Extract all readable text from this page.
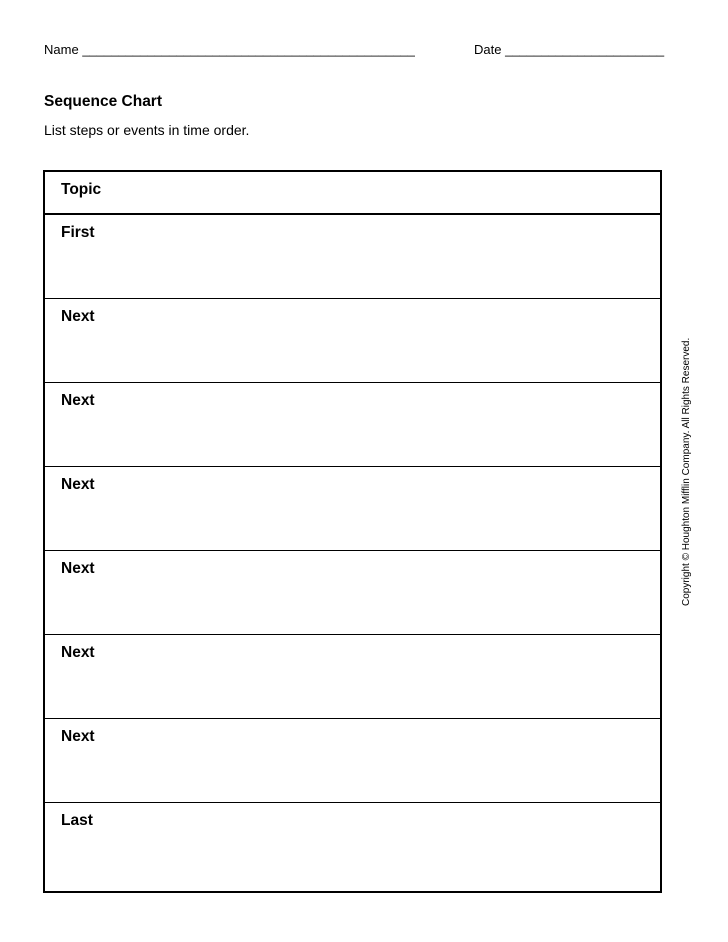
Name ______________________________________________	Date ______________________
Sequence Chart
List steps or events in time order.
Topic
First
Next
Next
Next
Next
Next
Next
Last
Copyright © Houghton Mifflin Company. All Rights Reserved.
